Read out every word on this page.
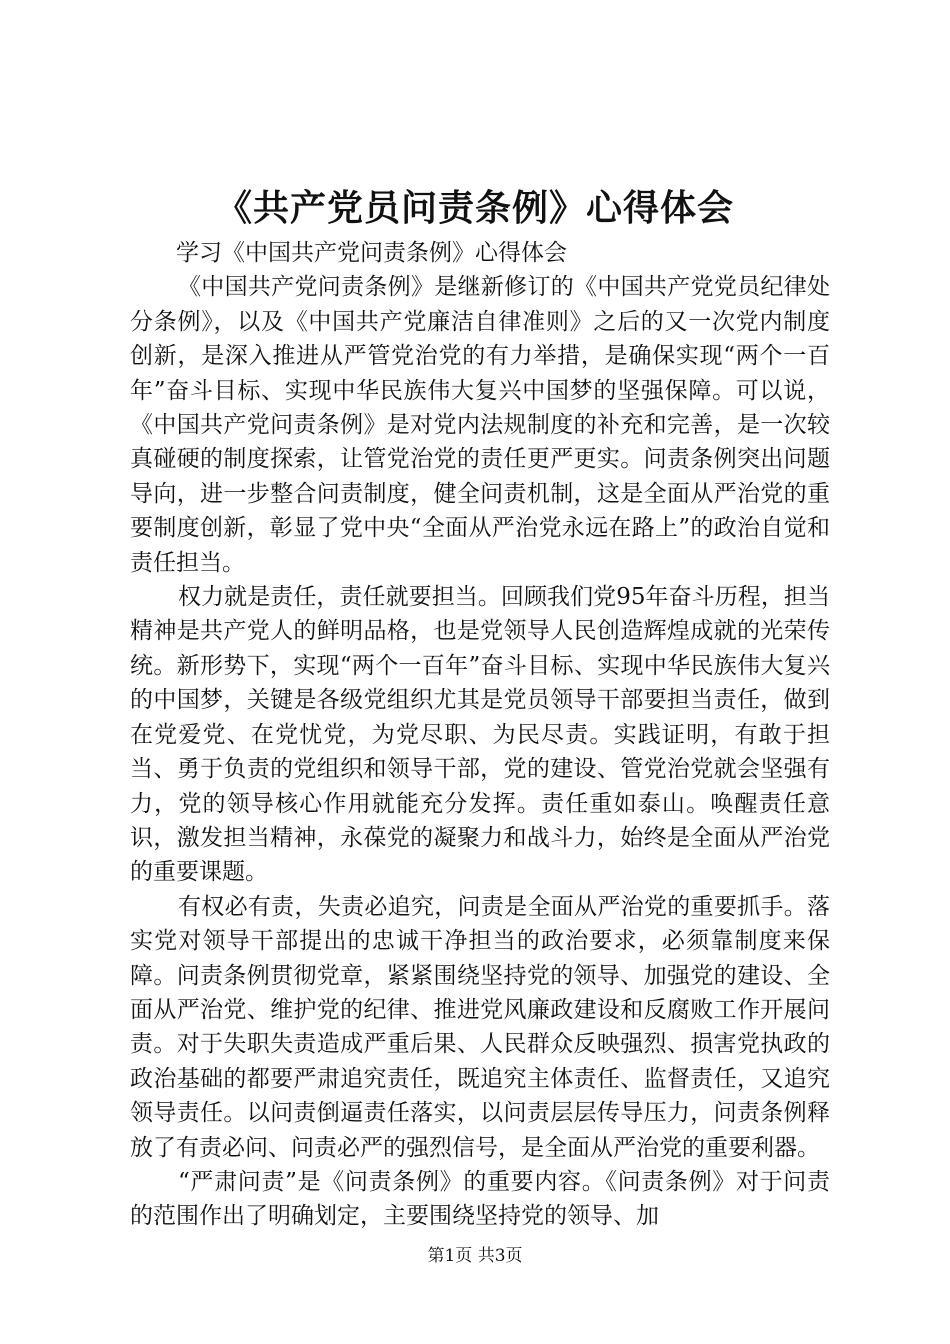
《共产党员问责条例》心得体会

学习《中国共产党问责条例》心得体会

《中国共产党问责条例》是继新修订的《中国共产党党员纪律处分条例》，以及《中国共产党廉洁自律准则》之后的又一次党内制度创新，是深入推进从严管党治党的有力举措，是确保实现“两个一百年”奋斗目标、实现中华民族伟大复兴中国梦的坚强保障。可以说，《中国共产党问责条例》是对党内法规制度的补充和完善，是一次较真碰硬的制度探索，让管党治党的责任更严更实。问责条例突出问题导向，进一步整合问责制度，健全问责机制，这是全面从严治党的重要制度创新，彰显了党中央“全面从严治党永远在路上”的政治自觉和责任担当。

权力就是责任，责任就要担当。回顾我们党95年奋斗历程，担当精神是共产党人的鲜明品格，也是党领导人民创造辉煌成就的光荣传统。新形势下，实现“两个一百年”奋斗目标、实现中华民族伟大复兴的中国梦，关键是各级党组织尤其是党员领导干部要担当责任，做到在党爱党、在党忧党，为党尽职、为民尽责。实践证明，有敢于担当、勇于负责的党组织和领导干部，党的建设、管党治党就会坚强有力，党的领导核心作用就能充分发挥。责任重如泰山。唤醒责任意识，激发担当精神，永葆党的凝聚力和战斗力，始终是全面从严治党的重要课题。

有权必有责，失责必追究，问责是全面从严治党的重要抓手。落实党对领导干部提出的忠诚干净担当的政治要求，必须靠制度来保障。问责条例贯彻党章，紧紧围绕坚持党的领导、加强党的建设、全面从严治党、维护党的纪律、推进党风廉政建设和反腐败工作开展问责。对于失职失责造成严重后果、人民群众反映强烈、损害党执政的政治基础的都要严肃追究责任，既追究主体责任、监督责任，又追究领导责任。以问责倒逼责任落实，以问责层层传导压力，问责条例释放了有责必问、问责必严的强烈信号，是全面从严治党的重要利器。

“严肃问责”是《问责条例》的重要内容。《问责条例》对于问责的范围作出了明确划定，主要围绕坚持党的领导、加

第1页 共3页
